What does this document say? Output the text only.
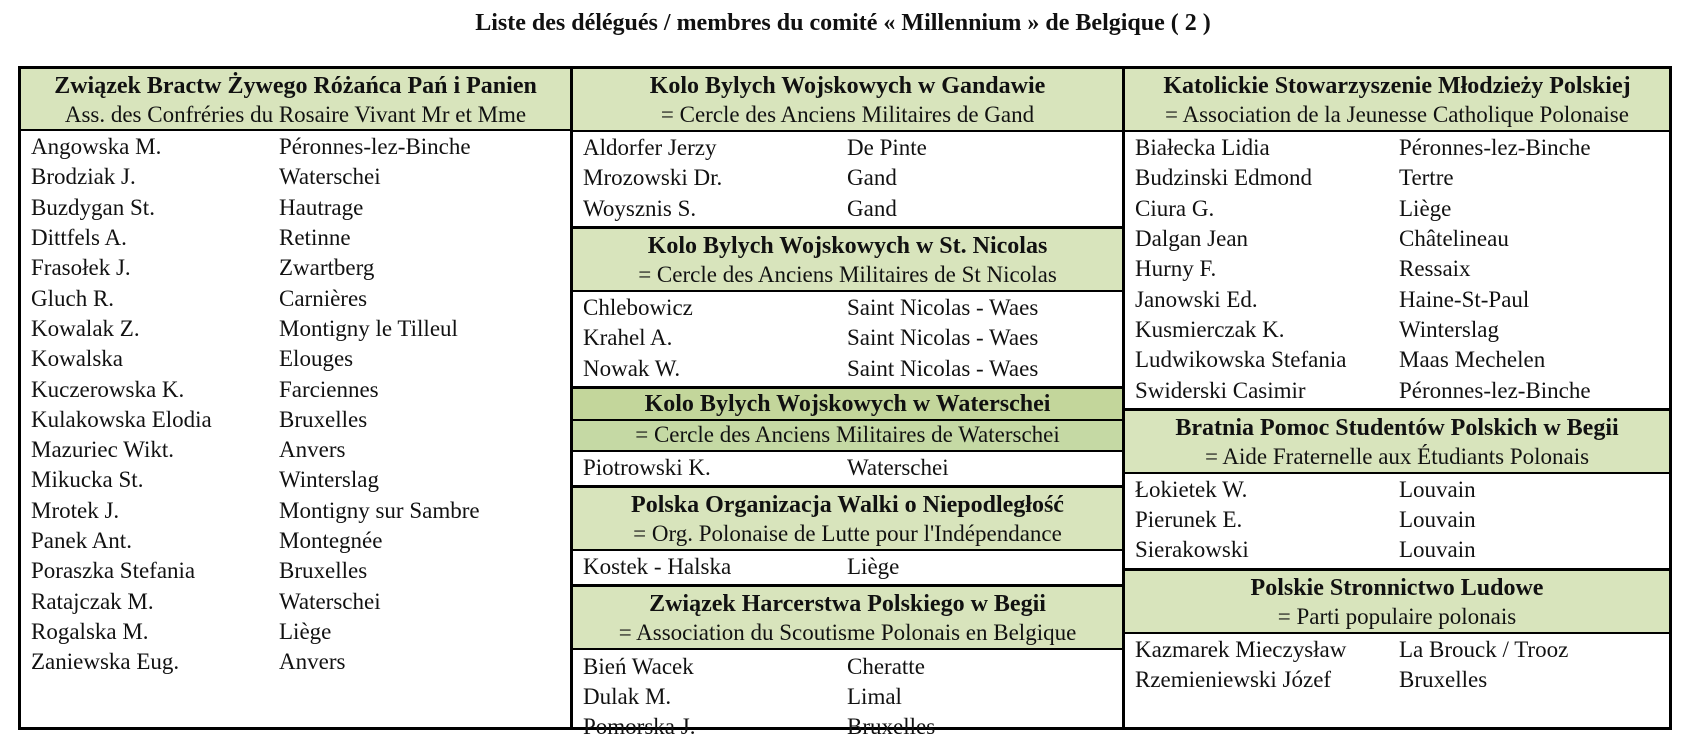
Liste des délégués / membres du comité « Millennium » de Belgique ( 2 )
Związek Bractw Żywego Różańca Pań i Panien
Ass. des Confréries du Rosaire Vivant Mr et Mme
Angowska M.	Péronnes-lez-Binche
Brodziak J.	Waterschei
Buzdygan St.	Hautrage
Dittfels A.	Retinne
Frasołek J.	Zwartberg
Gluch R.	Carnières
Kowalak Z.	Montigny le Tilleul
Kowalska	Elouges
Kuczerowska K.	Farciennes
Kulakowska Elodia	Bruxelles
Mazuriec Wikt.	Anvers
Mikucka St.	Winterslag
Mrotek J.	Montigny sur Sambre
Panek Ant.	Montegnée
Poraszka Stefania	Bruxelles
Ratajczak M.	Waterschei
Rogalska M.	Liège
Zaniewska Eug.	Anvers
Kolo Bylych Wojskowych w Gandawie
= Cercle des Anciens Militaires de Gand
Aldorfer Jerzy	De Pinte
Mrozowski Dr.	Gand
Woysznis S.	Gand
Kolo Bylych Wojskowych w St. Nicolas
= Cercle des Anciens Militaires de St Nicolas
Chlebowicz	Saint Nicolas - Waes
Krahel A.	Saint Nicolas - Waes
Nowak W.	Saint Nicolas - Waes
Kolo Bylych Wojskowych w Waterschei
= Cercle des Anciens Militaires de Waterschei
Piotrowski K.	Waterschei
Polska Organizacja Walki o Niepodległość
= Org. Polonaise de Lutte pour l'Indépendance
Kostek - Halska	Liège
Związek Harcerstwa Polskiego w Begii
= Association du Scoutisme Polonais en Belgique
Bień Wacek	Cheratte
Dulak M.	Limal
Pomorska J.	Bruxelles
Katolickie Stowarzyszenie Młodzieży Polskiej
= Association de la Jeunesse Catholique Polonaise
Białecka Lidia	Péronnes-lez-Binche
Budzinski Edmond	Tertre
Ciura G.	Liège
Dalgan Jean	Châtelineau
Hurny F.	Ressaix
Janowski Ed.	Haine-St-Paul
Kusmierczak K.	Winterslag
Ludwikowska Stefania	Maas Mechelen
Swiderski Casimir	Péronnes-lez-Binche
Bratnia Pomoc Studentów Polskich w Begii
= Aide Fraternelle aux Étudiants Polonais
Łokietek W.	Louvain
Pierunek E.	Louvain
Sierakowski	Louvain
Polskie Stronnictwo Ludowe
= Parti populaire polonais
Kazmarek Mieczysław	La Brouck / Trooz
Rzemieniewski Józef	Bruxelles
